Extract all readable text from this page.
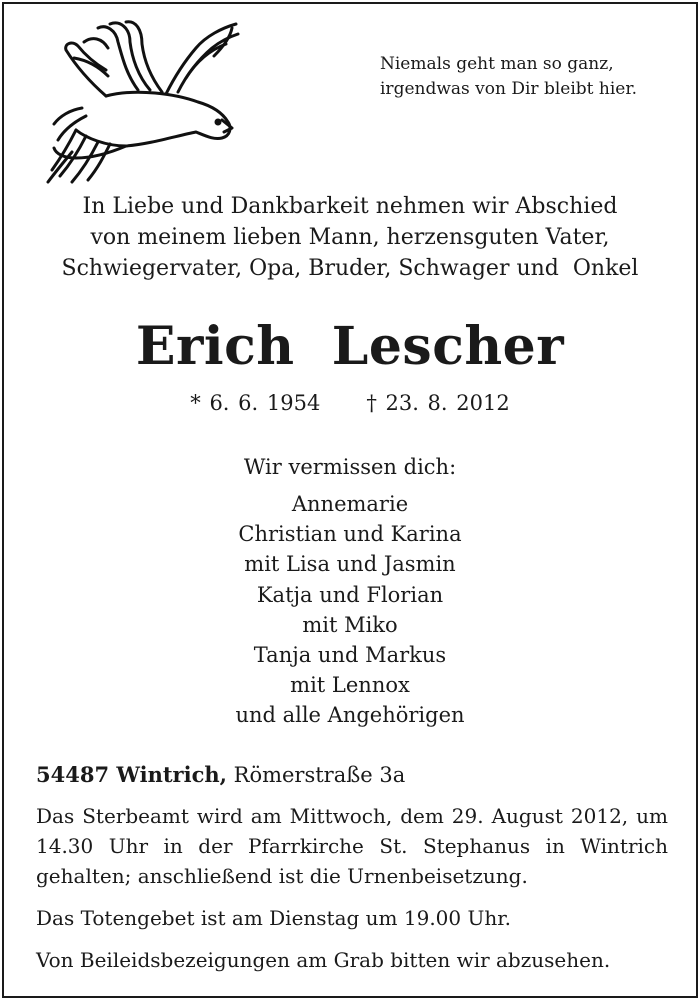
Niemals geht man so ganz,
irgendwas von Dir bleibt hier.
In Liebe und Dankbarkeit nehmen wir Abschied
von meinem lieben Mann, herzensguten Vater,
Schwiegervater, Opa, Bruder, Schwager und  Onkel
Erich  Lescher
* 6. 6. 1954 † 23. 8. 2012
Wir vermissen dich:
Annemarie
Christian und Karina
mit Lisa und Jasmin
Katja und Florian
mit Miko
Tanja und Markus
mit Lennox
und alle Angehörigen
54487 Wintrich, Römerstraße 3a
Das Sterbeamt wird am Mittwoch, dem 29. August 2012, um 14.30 Uhr in der Pfarrkirche St. Stephanus in Wintrich gehalten; anschließend ist die Urnenbeisetzung.
Das Totengebet ist am Dienstag um 19.00 Uhr.
Von Beileidsbezeigungen am Grab bitten wir abzusehen.
